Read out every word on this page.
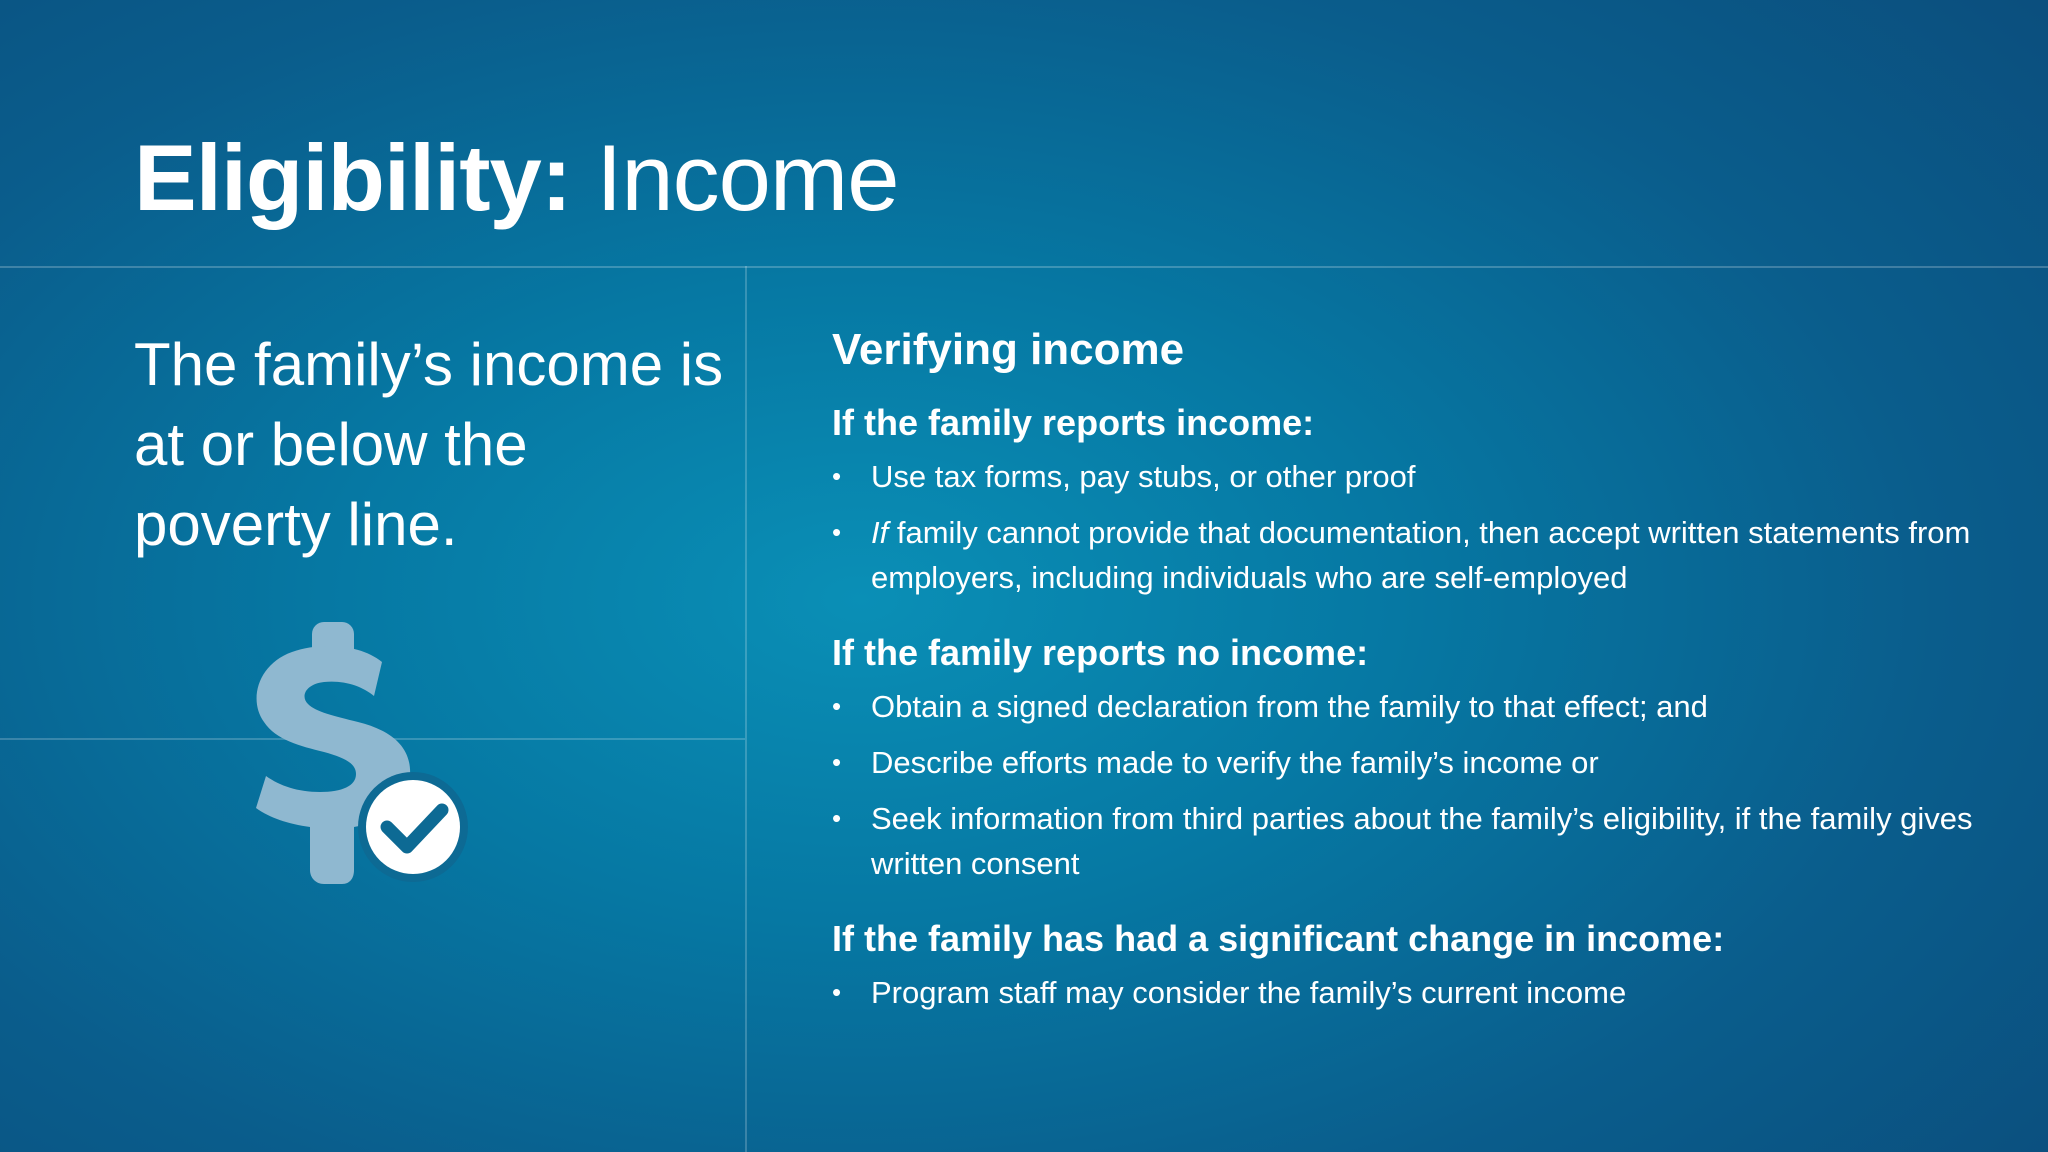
Eligibility: Income
The family’s income is at or below the poverty line.
Verifying income
If the family reports income:
• Use tax forms, pay stubs, or other proof
• If family cannot provide that documentation, then accept written statements from employers, including individuals who are self-employed
If the family reports no income:
• Obtain a signed declaration from the family to that effect; and
• Describe efforts made to verify the family’s income or
• Seek information from third parties about the family’s eligibility, if the family gives written consent
If the family has had a significant change in income:
• Program staff may consider the family’s current income
